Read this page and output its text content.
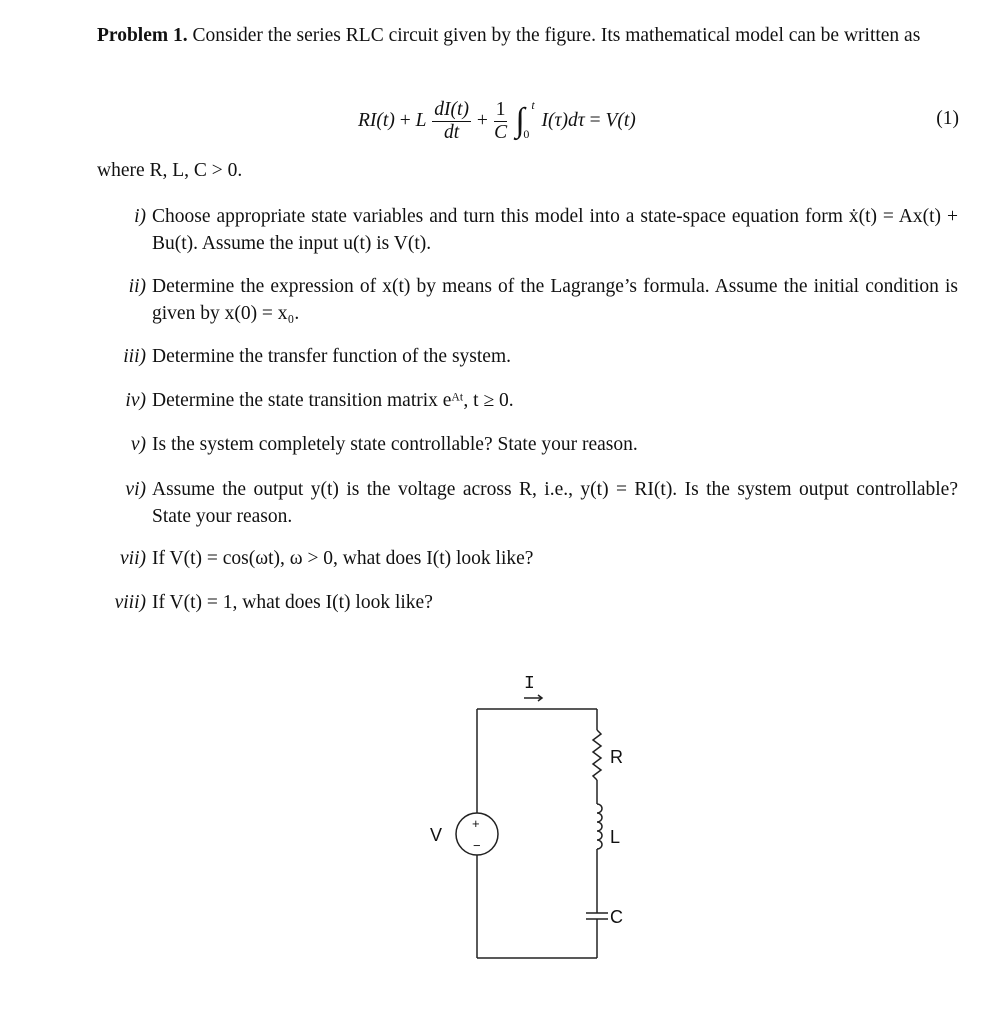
Problem 1. Consider the series RLC circuit given by the figure. Its mathematical model can be written as

RI(t) + L $\frac{dI(t)}{dt} + \frac{1}{C}$ ∫ t
0
I(τ)dτ = V(t)	(1)
where R, L, C > 0.
i) Choose appropriate state variables and turn this model into a state-space equation form ẋ(t) = Ax(t) + Bu(t). Assume the input u(t) is V(t).
ii) Determine the expression of x(t) by means of the Lagrange’s formula. Assume the initial condition is given by x(0) = x₀.
iii) Determine the transfer function of the system.
iv) Determine the state transition matrix eᴬᵗ, t ≥ 0.
v) Is the system completely state controllable? State your reason.
vi) Assume the output y(t) is the voltage across R, i.e., y(t) = RI(t). Is the system output controllable? State your reason.
vii) If V(t) = cos(ωt), ω > 0, what does I(t) look like?
viii) If V(t) = 1, what does I(t) look like?
I
V
+
−
R
L
C
